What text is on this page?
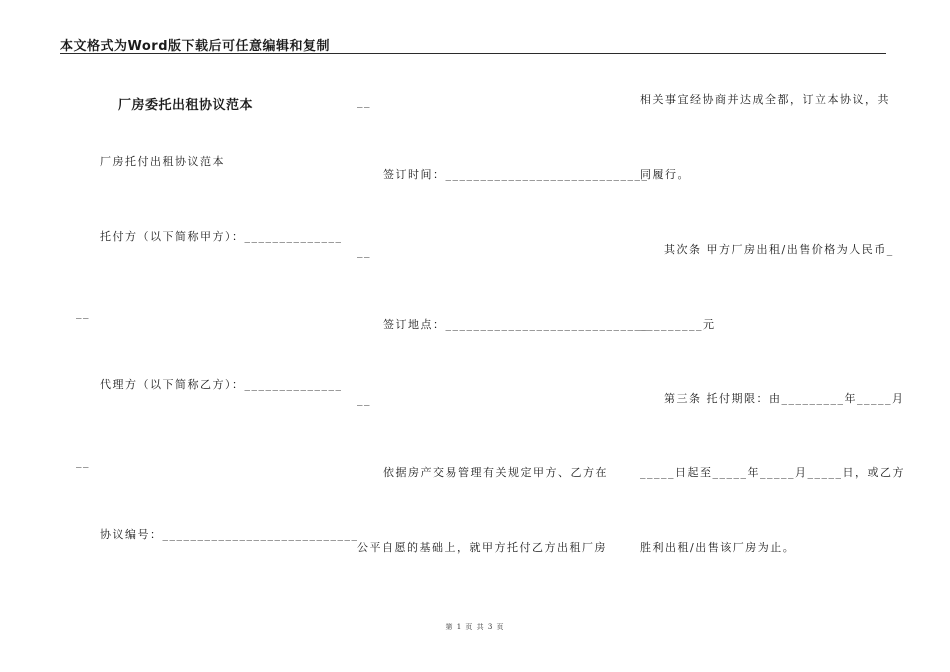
本文格式为Word版下载后可任意编辑和复制
厂房委托出租协议范本
厂房托付出租协议范本
托付方（以下简称甲方）：______________
__
代理方（以下简称乙方）：______________
__
协议编号：____________________________
__
签订时间：_____________________________
__
签订地点：_____________________________
__
依据房产交易管理有关规定甲方、乙方在
公平自愿的基础上，就甲方托付乙方出租厂房
相关事宜经协商并达成全都，订立本协议，共
同履行。
其次条 甲方厂房出租/出售价格为人民币_
_________元
第三条 托付期限：由_________年_____月
_____日起至_____年_____月_____日，或乙方
胜利出租/出售该厂房为止。
第 1 页 共 3 页
